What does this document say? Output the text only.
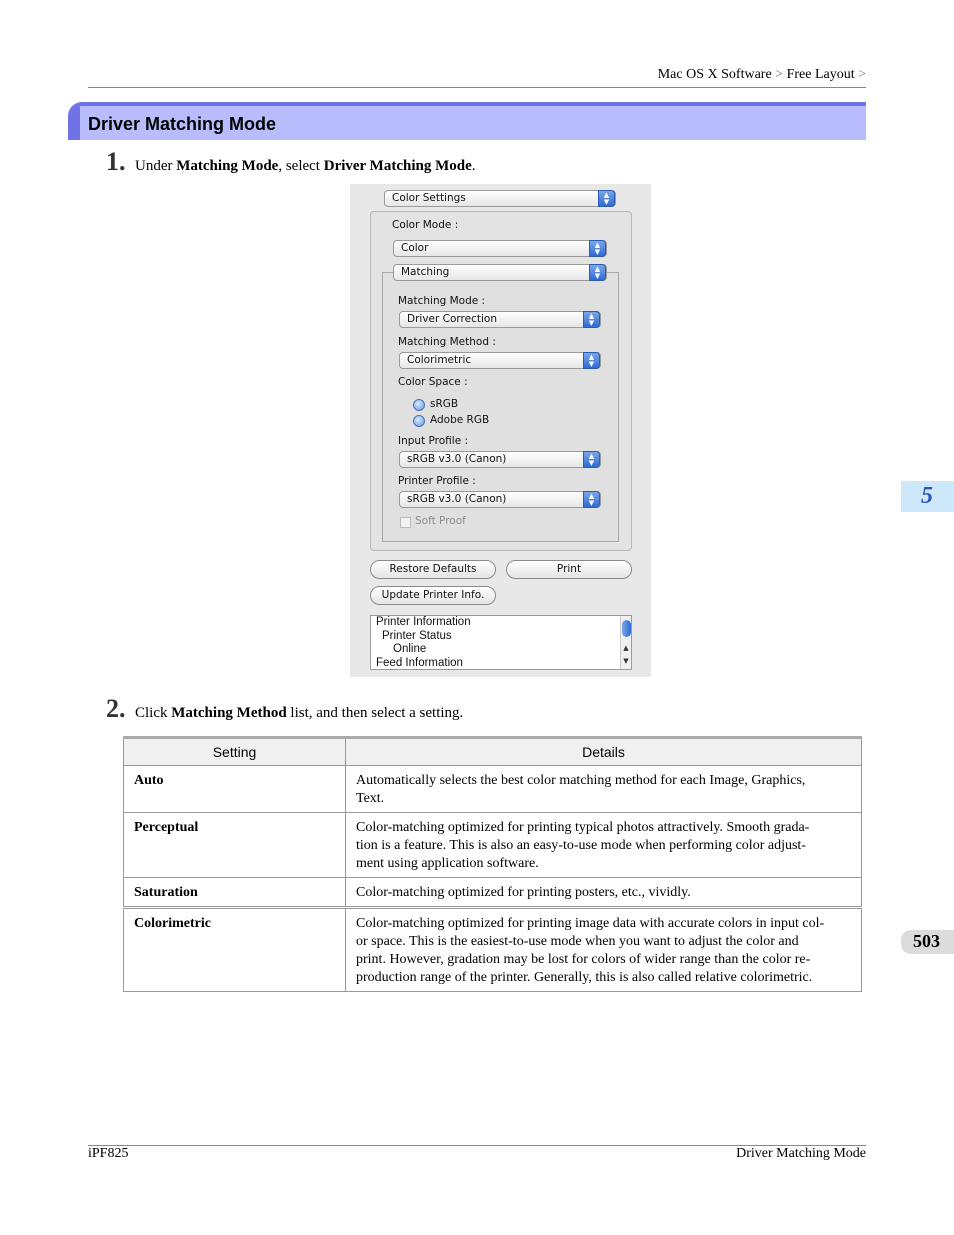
Mac OS X Software > Free Layout >
Driver Matching Mode
1. Under Matching Mode, select Driver Matching Mode.
Color Settings	▲
▼
Color Mode :
Color	▲
▼
Matching	▲
▼
Matching Mode :
Driver Correction	▲
▼
Matching Method :
Colorimetric	▲
▼
Color Space :
sRGB
Adobe RGB
Input Profile :
sRGB v3.0 (Canon)	▲
▼
Printer Profile :
sRGB v3.0 (Canon)	▲
▼
Soft Proof
Restore Defaults	Print
Update Printer Info.
Printer Information
Printer Status
Online
Feed Information
▲
▼
2. Click Matching Method list, and then select a setting.
Setting	Details
Auto	Automatically selects the best color matching method for each Image, Graphics,
Text.

Perceptual	Color-matching optimized for printing typical photos attractively. Smooth grada-
tion is a feature. This is also an easy-to-use mode when performing color adjust-
ment using application software.

Saturation	Color-matching optimized for printing posters, etc., vividly.

Colorimetric	Color-matching optimized for printing image data with accurate colors in input col-
or space. This is the easiest-to-use mode when you want to adjust the color and
print. However, gradation may be lost for colors of wider range than the color re-
production range of the printer. Generally, this is also called relative colorimetric.
5
503
iPF825	Driver Matching Mode
